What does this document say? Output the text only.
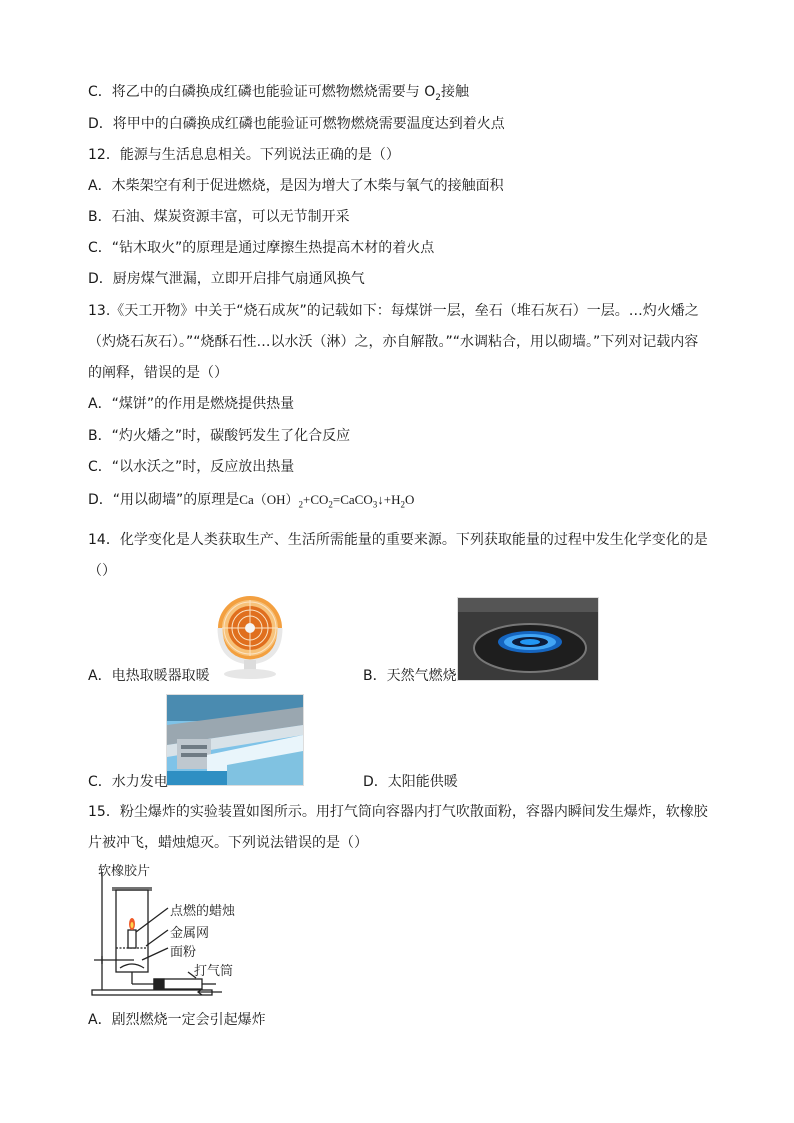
C．将乙中的白磷换成红磷也能验证可燃物燃烧需要与 $O_2$接触
D．将甲中的白磷换成红磷也能验证可燃物燃烧需要温度达到着火点
12．能源与生活息息相关。下列说法正确的是（）
A．木柴架空有利于促进燃烧，是因为增大了木柴与氧气的接触面积
B．石油、煤炭资源丰富，可以无节制开采
C．“钻木取火”的原理是通过摩擦生热提高木材的着火点
D．厨房煤气泄漏，立即开启排气扇通风换气
13.《天工开物》中关于“烧石成灰”的记载如下：每煤饼一层，垒石（堆石灰石）一层。…灼火燔之
（灼烧石灰石）。”“烧酥石性…以水沃（淋）之，亦自解散。”“水调粘合，用以砌墙。”下列对记载内容
的阐释，错误的是（）
A．“煤饼”的作用是燃烧提供热量
B．“灼火燔之”时，碳酸钙发生了化合反应
C．“以水沃之”时，反应放出热量
D．“用以砌墙”的原理是$Ca(OH)_2+CO_2=CaCO_3↓+H_2O$
14．化学变化是人类获取生产、生活所需能量的重要来源。下列获取能量的过程中发生化学变化的是
（）
A．电热取暖器取暖	B．天然气燃烧
C．水力发电	D．太阳能供暖
15．粉尘爆炸的实验装置如图所示。用打气筒向容器内打气吹散面粉，容器内瞬间发生爆炸，软橡胶
片被冲飞，蜡烛熄灭。下列说法错误的是（）
软橡胶片
点燃的蜡烛
金属网
面粉
打气筒
A．剧烈燃烧一定会引起爆炸
